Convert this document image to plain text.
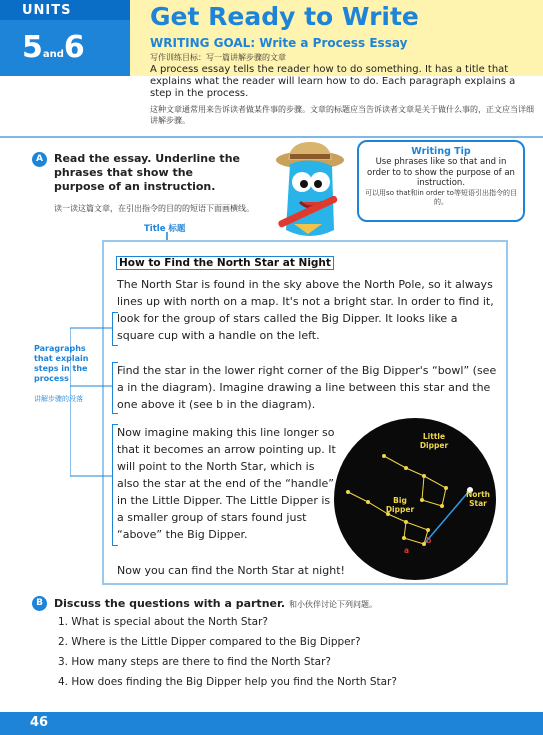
UNITS
5and6
Get Ready to Write
WRITING GOAL: Write a Process Essay
写作训练目标：写一篇讲解步骤的文章
A process essay tells the reader how to do something. It has a title that explains what the reader will learn how to do. Each paragraph explains a step in the process.
这种文章通常用来告诉读者做某件事的步骤。文章的标题应当告诉读者文章是关于做什么事的，正文应当详细讲解步骤。
A	Read the essay. Underline the phrases that show the purpose of an instruction.
读一读这篇文章，在引出指令的目的的短语下面画横线。
Writing Tip
Use phrases like so that and in order to to show the purpose of an instruction.
可以用so that和in order to等短语引出指令的目的。
Title 标题
How to Find the North Star at Night
The North Star is found in the sky above the North Pole, so it always lines up with north on a map. It's not a bright star. In order to find it, look for the group of stars called the Big Dipper. It looks like a square cup with a handle on the left.
Find the star in the lower right corner of the Big Dipper's “bowl” (see a in the diagram). Imagine drawing a line between this star and the one above it (see b in the diagram).
Now imagine making this line longer so that it becomes an arrow pointing up. It will point to the North Star, which is also the star at the end of the “handle” in the Little Dipper. The Little Dipper is a smaller group of stars found just “above” the Big Dipper.
Now you can find the North Star at night!
Paragraphs that explain steps in the process
讲解步骤的段落
Little Dipper
Big Dipper
North Star
a
b
B	Discuss the questions with a partner. 和小伙伴讨论下列问题。
1. What is special about the North Star?
2. Where is the Little Dipper compared to the Big Dipper?
3. How many steps are there to find the North Star?
4. How does finding the Big Dipper help you find the North Star?
46
